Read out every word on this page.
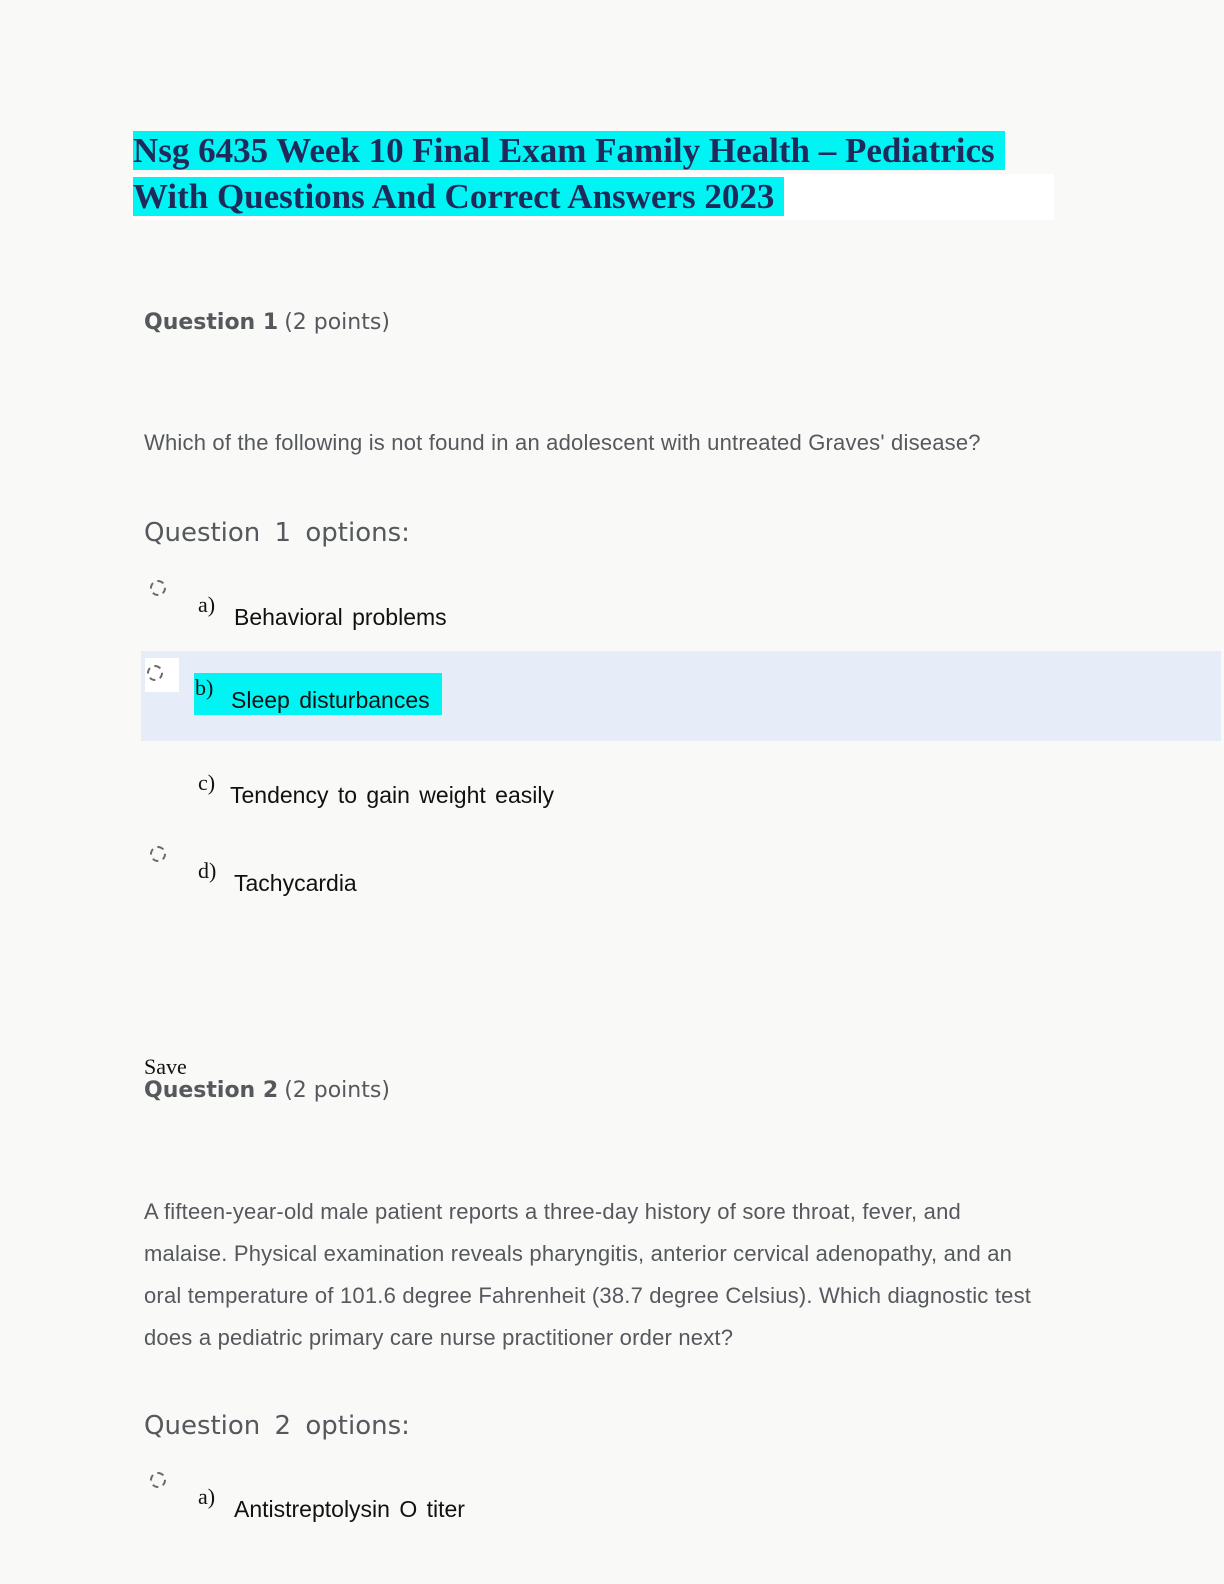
Nsg 6435 Week 10 Final Exam Family Health – Pediatrics
With Questions And Correct Answers 2023
Question 1 (2 points)
Which of the following is not found in an adolescent with untreated Graves' disease?
Question 1 options:
a) Behavioral problems
b) Sleep disturbances
c) Tendency to gain weight easily
d) Tachycardia
Save
Question 2 (2 points)
A fifteen-year-old male patient reports a three-day history of sore throat, fever, and malaise. Physical examination reveals pharyngitis, anterior cervical adenopathy, and an oral temperature of 101.6 degree Fahrenheit (38.7 degree Celsius). Which diagnostic test does a pediatric primary care nurse practitioner order next?
Question 2 options:
a) Antistreptolysin O titer
